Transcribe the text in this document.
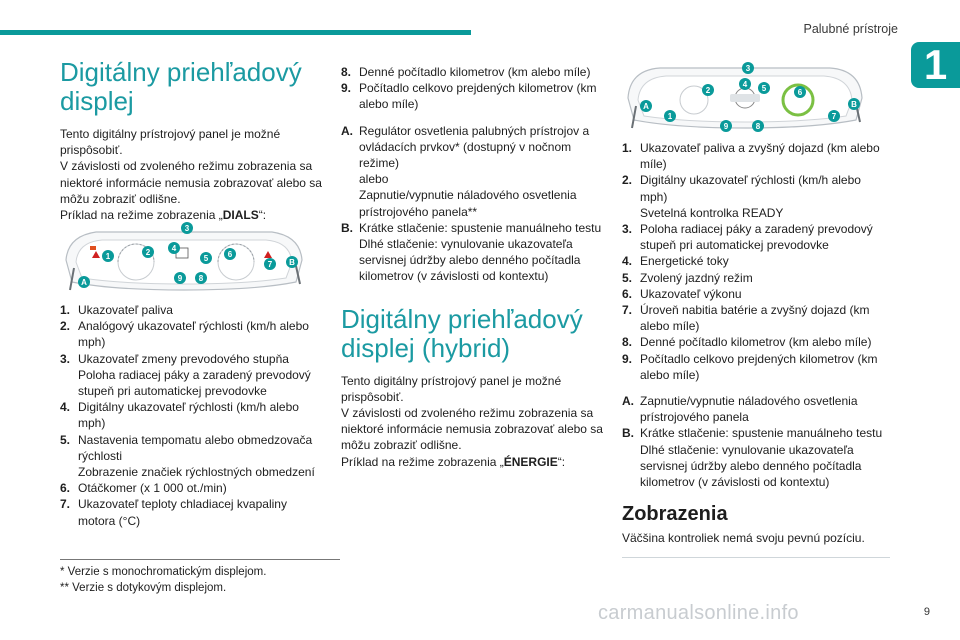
Palubné prístroje
1
Digitálny priehľadový displej

Tento digitálny prístrojový panel je možné prispôsobiť.

V závislosti od zvoleného režimu zobrazenia sa niektoré informácie nemusia zobrazovať alebo sa môžu zobraziť odlišne.

Príklad na režime zobrazenia „DIALS“:

3
1	2	4
5 6
7
A
B
9 8
1. Ukazovateľ paliva
2. Analógový ukazovateľ rýchlosti (km/h alebo mph)
3. Ukazovateľ zmeny prevodového stupňa
Poloha radiacej páky a zaradený prevodový stupeň pri automatickej prevodovke
4. Digitálny ukazovateľ rýchlosti (km/h alebo mph)
5. Nastavenia tempomatu alebo obmedzovača rýchlosti
Zobrazenie značiek rýchlostných obmedzení
6. Otáčkomer (x 1 000 ot./min)
7. Ukazovateľ teploty chladiacej kvapaliny motora (°C)
* Verzie s monochromatickým displejom.
** Verzie s dotykovým displejom.
8. Denné počítadlo kilometrov (km alebo míle)
9. Počítadlo celkovo prejdených kilometrov (km alebo míle)
A. Regulátor osvetlenia palubných prístrojov a ovládacích prvkov* (dostupný v nočnom režime)
alebo
Zapnutie/vypnutie náladového osvetlenia prístrojového panela**
B. Krátke stlačenie: spustenie manuálneho testu
Dlhé stlačenie: vynulovanie ukazovateľa servisnej údržby alebo denného počítadla kilometrov (v závislosti od kontextu)
Digitálny priehľadový displej (hybrid)

Tento digitálny prístrojový panel je možné prispôsobiť.

V závislosti od zvoleného režimu zobrazenia sa niektoré informácie nemusia zobrazovať alebo sa môžu zobraziť odlišne.

Príklad na režime zobrazenia „ÉNERGIE“:

3
4
2	5	6
A	B
1
9	8
7
1. Ukazovateľ paliva a zvyšný dojazd (km alebo míle)
2. Digitálny ukazovateľ rýchlosti (km/h alebo mph)
Svetelná kontrolka READY
3. Poloha radiacej páky a zaradený prevodový stupeň pri automatickej prevodovke
4. Energetické toky
5. Zvolený jazdný režim
6. Ukazovateľ výkonu
7. Úroveň nabitia batérie a zvyšný dojazd (km alebo míle)
8. Denné počítadlo kilometrov (km alebo míle)
9. Počítadlo celkovo prejdených kilometrov (km alebo míle)
A. Zapnutie/vypnutie náladového osvetlenia prístrojového panela
B. Krátke stlačenie: spustenie manuálneho testu
Dlhé stlačenie: vynulovanie ukazovateľa servisnej údržby alebo denného počítadla kilometrov (v závislosti od kontextu)
Zobrazenia

Väčšina kontroliek nemá svoju pevnú pozíciu.

carmanualsonline.info	9
